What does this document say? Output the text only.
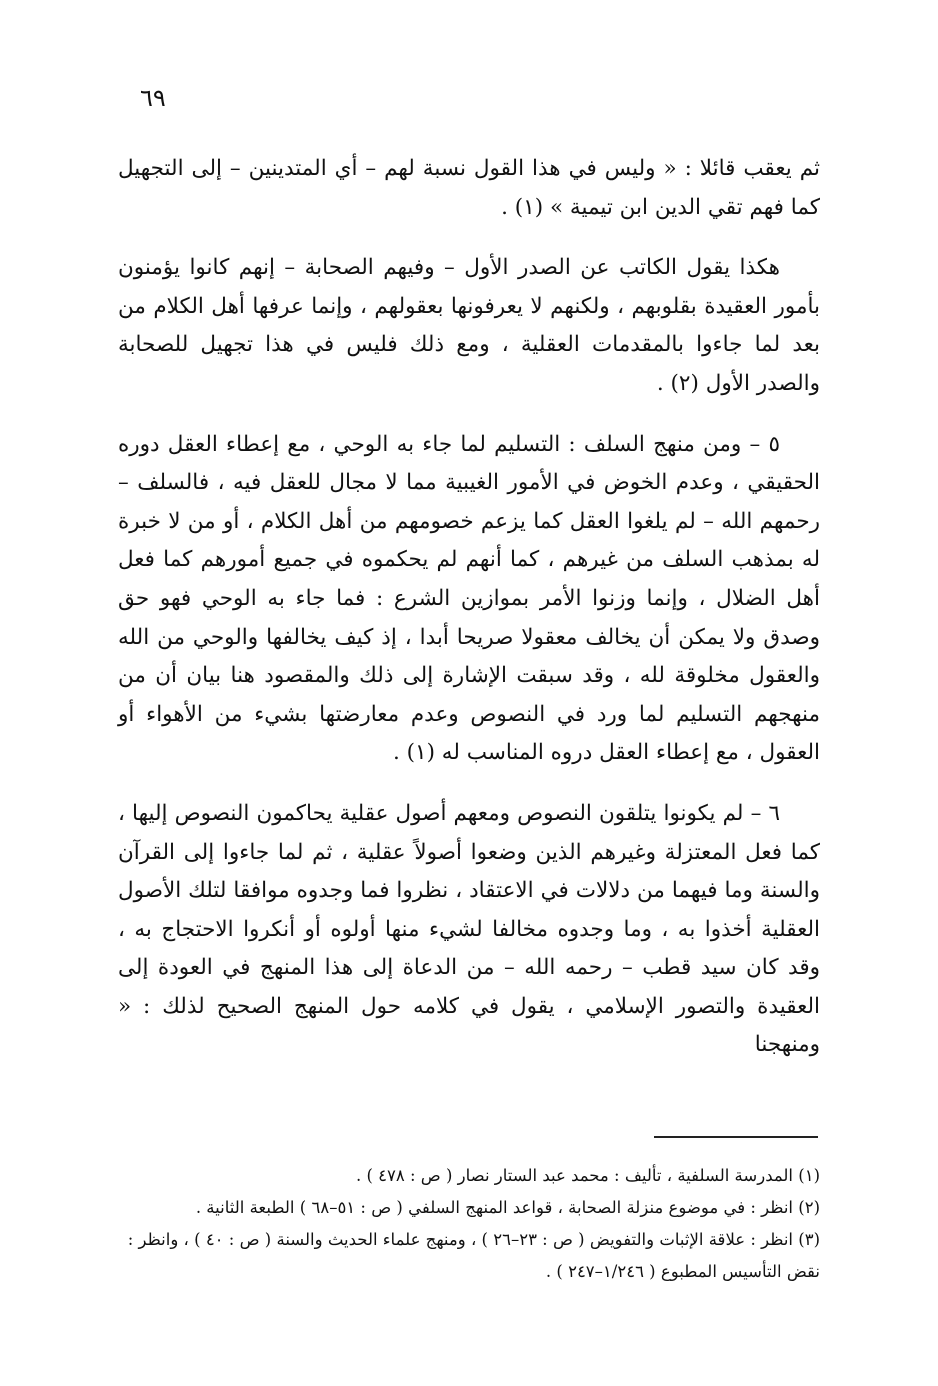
٦٩

ثم يعقب قائلا : « وليس في هذا القول نسبة لهم – أي المتدينين – إلى التجهيل كما فهم تقي الدين ابن تيمية » (١) .

هكذا يقول الكاتب عن الصدر الأول – وفيهم الصحابة – إنهم كانوا يؤمنون بأمور العقيدة بقلوبهم ، ولكنهم لا يعرفونها بعقولهم ، وإنما عرفها أهل الكلام من بعد لما جاءوا بالمقدمات العقلية ، ومع ذلك فليس في هذا تجهيل للصحابة والصدر الأول (٢) .

٥ – ومن منهج السلف : التسليم لما جاء به الوحي ، مع إعطاء العقل دوره الحقيقي ، وعدم الخوض في الأمور الغيبية مما لا مجال للعقل فيه ، فالسلف – رحمهم الله – لم يلغوا العقل كما يزعم خصومهم من أهل الكلام ، أو من لا خبرة له بمذهب السلف من غيرهم ، كما أنهم لم يحكموه في جميع أمورهم كما فعل أهل الضلال ، وإنما وزنوا الأمر بموازين الشرع : فما جاء به الوحي فهو حق وصدق ولا يمكن أن يخالف معقولا صريحا أبدا ، إذ كيف يخالفها والوحي من الله والعقول مخلوقة لله ، وقد سبقت الإشارة إلى ذلك والمقصود هنا بيان أن من منهجهم التسليم لما ورد في النصوص وعدم معارضتها بشيء من الأهواء أو العقول ، مع إعطاء العقل دروه المناسب له (١) .

٦ – لم يكونوا يتلقون النصوص ومعهم أصول عقلية يحاكمون النصوص إليها ، كما فعل المعتزلة وغيرهم الذين وضعوا أصولاً عقلية ، ثم لما جاءوا إلى القرآن والسنة وما فيهما من دلالات في الاعتقاد ، نظروا فما وجدوه موافقا لتلك الأصول العقلية أخذوا به ، وما وجدوه مخالفا لشيء منها أولوه أو أنكروا الاحتجاج به ، وقد كان سيد قطب – رحمه الله – من الدعاة إلى هذا المنهج في العودة إلى العقيدة والتصور الإسلامي ، يقول في كلامه حول المنهج الصحيح لذلك : « ومنهجنا

(١) المدرسة السلفية ، تأليف : محمد عبد الستار نصار ( ص : ٤٧٨ ) .

(٢) انظر : في موضوع منزلة الصحابة ، قواعد المنهج السلفي ( ص : ٥١–٦٨ ) الطبعة الثانية .

(٣) انظر : علاقة الإثبات والتفويض ( ص : ٢٣–٢٦ ) ، ومنهج علماء الحديث والسنة ( ص : ٤٠ ) ، وانظر : نقض التأسيس المطبوع ( ١/٢٤٦–٢٤٧ ) .
